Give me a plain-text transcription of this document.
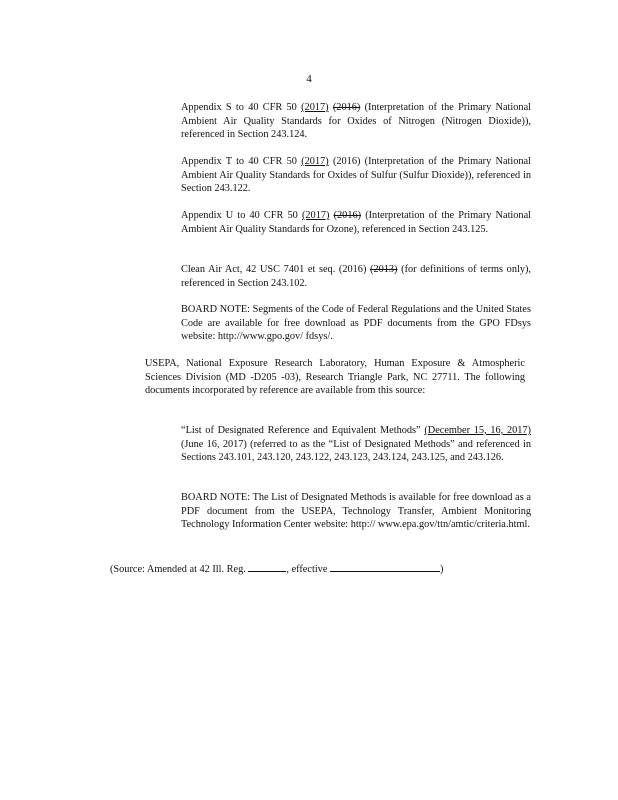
4
Appendix S to 40 CFR 50 (2017) (2016) (Interpretation of the Primary National Ambient Air Quality Standards for Oxides of Nitrogen (Nitrogen Dioxide)), referenced in Section 243.124.
Appendix T to 40 CFR 50 (2017) (2016) (Interpretation of the Primary National Ambient Air Quality Standards for Oxides of Sulfur (Sulfur Dioxide)), referenced in Section 243.122.
Appendix U to 40 CFR 50 (2017) (2016) (Interpretation of the Primary National Ambient Air Quality Standards for Ozone), referenced in Section 243.125.
Clean Air Act, 42 USC 7401 et seq. (2016) (2013) (for definitions of terms only), referenced in Section 243.102.
BOARD NOTE: Segments of the Code of Federal Regulations and the United States Code are available for free download as PDF documents from the GPO FDsys website: http://www.gpo.gov/ fdsys/.
USEPA, National Exposure Research Laboratory, Human Exposure & Atmospheric Sciences Division (MD -D205 -03), Research Triangle Park, NC 27711. The following documents incorporated by reference are available from this source:
“List of Designated Reference and Equivalent Methods” (December 15, 16, 2017) (June 16, 2017) (referred to as the “List of Designated Methods” and referenced in Sections 243.101, 243.120, 243.122, 243.123, 243.124, 243.125, and 243.126.
BOARD NOTE: The List of Designated Methods is available for free download as a PDF document from the USEPA, Technology Transfer, Ambient Monitoring Technology Information Center website: http:// www.epa.gov/ttn/amtic/criteria.html.
(Source: Amended at 42 Ill. Reg.	, effective	)
